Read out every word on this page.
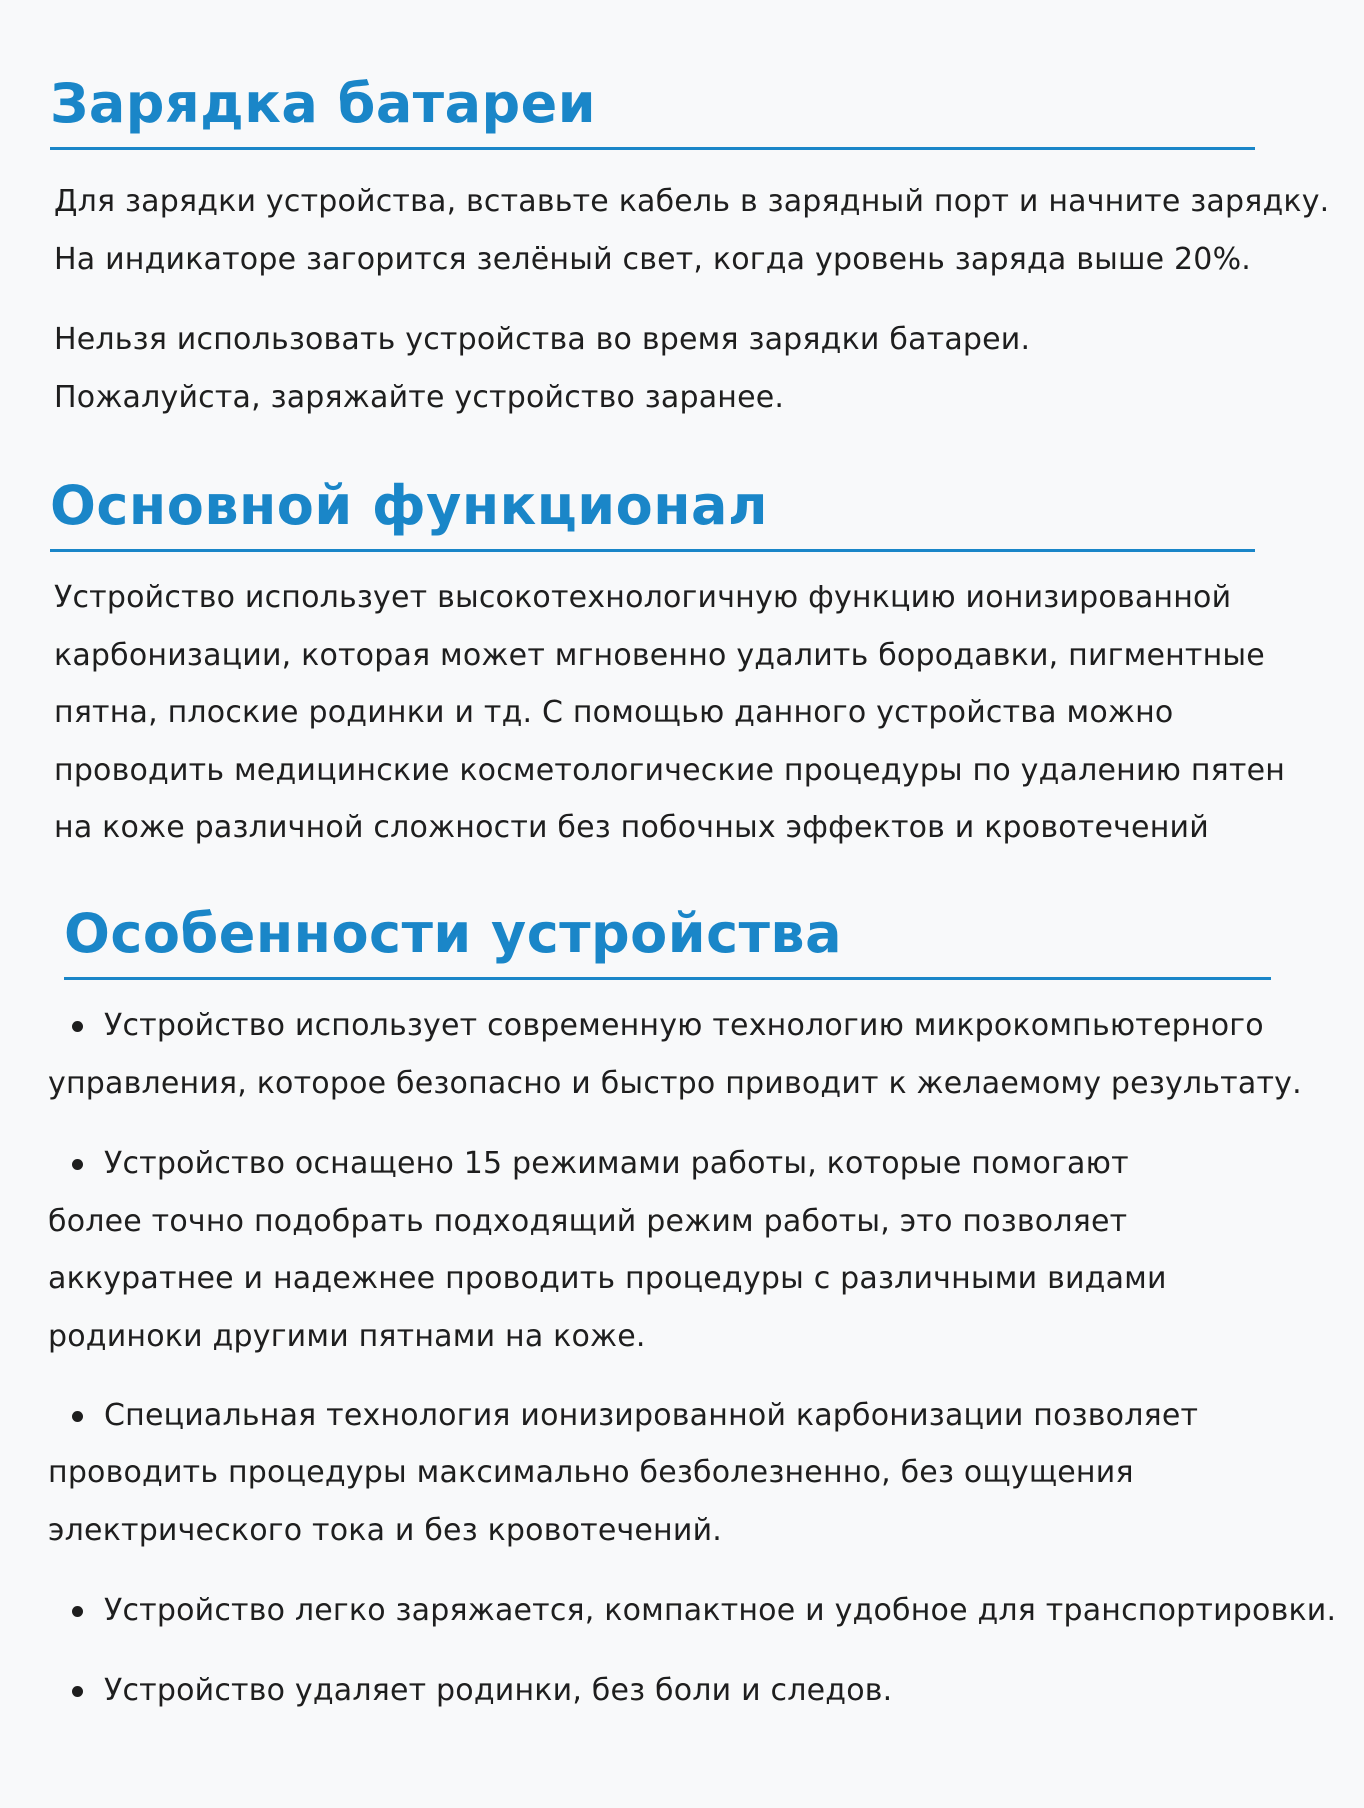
Зарядка батареи

Для зарядки устройства, вставьте кабель в зарядный порт и начните зарядку.

На индикаторе загорится зелёный свет, когда уровень заряда выше 20%.

Нельзя использовать устройства во время зарядки батареи.

Пожалуйста, заряжайте устройство заранее.

Основной функционал

Устройство использует высокотехнологичную функцию ионизированной

карбонизации, которая может мгновенно удалить бородавки, пигментные

пятна, плоские родинки и тд. С помощью данного устройства можно

проводить медицинские косметологические процедуры по удалению пятен

на коже различной сложности без побочных эффектов и кровотечений

Особенности устройства

Устройство использует современную технологию микрокомпьютерного

управления, которое безопасно и быстро приводит к желаемому результату.

Устройство оснащено 15 режимами работы, которые помогают

более точно подобрать подходящий режим работы, это позволяет

аккуратнее и надежнее проводить процедуры с различными видами

родиноки другими пятнами на коже.

Специальная технология ионизированной карбонизации позволяет

проводить процедуры максимально безболезненно, без ощущения

электрического тока и без кровотечений.

Устройство легко заряжается, компактное и удобное для транспортировки.

Устройство удаляет родинки, без боли и следов.
